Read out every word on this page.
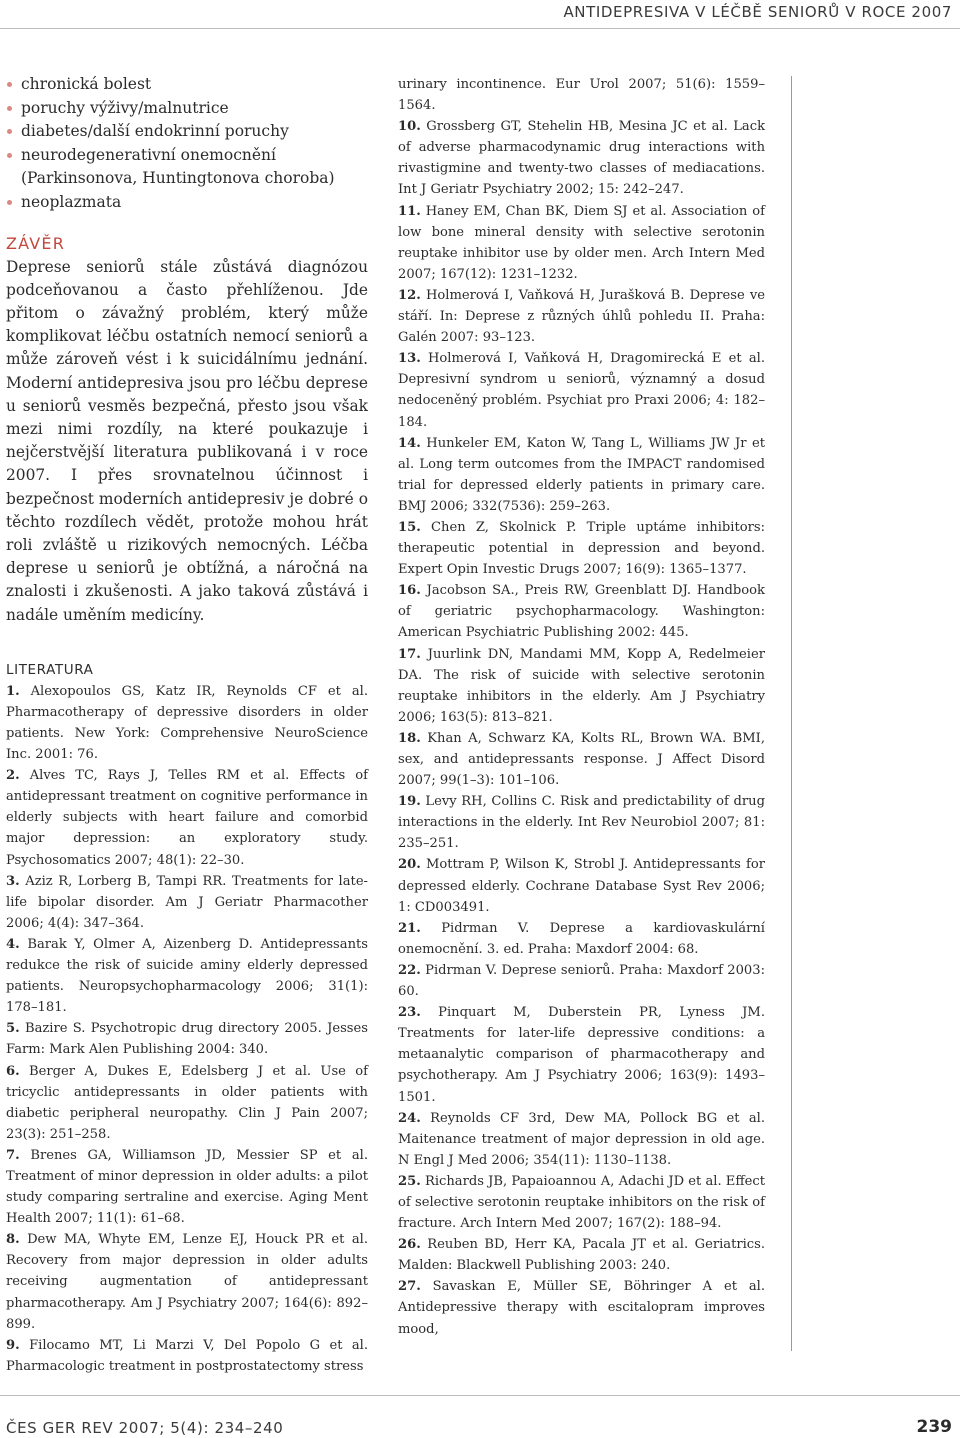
ANTIDEPRESIVA V LÉČBĚ SENIORŮ V ROCE 2007
chronická bolest
poruchy výživy/malnutrice
diabetes/další endokrinní poruchy
neurodegenerativní onemocnění (Parkinsonova, Huntingtonova choroba)
neoplazmata
ZÁVĚR

Deprese seniorů stále zůstává diagnózou podceňovanou a často přehlíženou. Jde přitom o závažný problém, který může komplikovat léčbu ostatních nemocí seniorů a může zároveň vést i k suicidálnímu jednání. Moderní antidepresiva jsou pro léčbu deprese u seniorů vesměs bezpečná, přesto jsou však mezi nimi rozdíly, na které poukazuje i nejčerstvější literatura publikovaná i v roce 2007. I přes srovnatelnou účinnost i bezpečnost moderních antidepresiv je dobré o těchto rozdílech vědět, protože mohou hrát roli zvláště u rizikových nemocných. Léčba deprese u seniorů je obtížná, a náročná na znalosti i zkušenosti. A jako taková zůstává i nadále uměním medicíny.

LITERATURA
1. Alexopoulos GS, Katz IR, Reynolds CF et al. Pharmacotherapy of depressive disorders in older patients. New York: Comprehensive NeuroScience Inc. 2001: 76.
2. Alves TC, Rays J, Telles RM et al. Effects of antidepressant treatment on cognitive performance in elderly subjects with heart failure and comorbid major depression: an exploratory study. Psychosomatics 2007; 48(1): 22–30.
3. Aziz R, Lorberg B, Tampi RR. Treatments for late-life bipolar disorder. Am J Geriatr Pharmacother 2006; 4(4): 347–364.
4. Barak Y, Olmer A, Aizenberg D. Antidepressants redukce the risk of suicide aminy elderly depressed patients. Neuropsychopharmacology 2006; 31(1): 178–181.
5. Bazire S. Psychotropic drug directory 2005. Jesses Farm: Mark Alen Publishing 2004: 340.
6. Berger A, Dukes E, Edelsberg J et al. Use of tricyclic antidepressants in older patients with diabetic peripheral neuropathy. Clin J Pain 2007; 23(3): 251–258.
7. Brenes GA, Williamson JD, Messier SP et al. Treatment of minor depression in older adults: a pilot study comparing sertraline and exercise. Aging Ment Health 2007; 11(1): 61–68.
8. Dew MA, Whyte EM, Lenze EJ, Houck PR et al. Recovery from major depression in older adults receiving augmentation of antidepressant pharmacotherapy. Am J Psychiatry 2007; 164(6): 892–899.
9. Filocamo MT, Li Marzi V, Del Popolo G et al. Pharmacologic treatment in postprostatectomy stress
urinary incontinence. Eur Urol 2007; 51(6): 1559–1564.
10. Grossberg GT, Stehelin HB, Mesina JC et al. Lack of adverse pharmacodynamic drug interactions with rivastigmine and twenty-two classes of mediacations. Int J Geriatr Psychiatry 2002; 15: 242–247.
11. Haney EM, Chan BK, Diem SJ et al. Association of low bone mineral density with selective serotonin reuptake inhibitor use by older men. Arch Intern Med 2007; 167(12): 1231–1232.
12. Holmerová I, Vaňková H, Jurašková B. Deprese ve stáří. In: Deprese z různých úhlů pohledu II. Praha: Galén 2007: 93–123.
13. Holmerová I, Vaňková H, Dragomirecká E et al. Depresivní syndrom u seniorů, významný a dosud nedoceněný problém. Psychiat pro Praxi 2006; 4: 182–184.
14. Hunkeler EM, Katon W, Tang L, Williams JW Jr et al. Long term outcomes from the IMPACT randomised trial for depressed elderly patients in primary care. BMJ 2006; 332(7536): 259–263.
15. Chen Z, Skolnick P. Triple uptáme inhibitors: therapeutic potential in depression and beyond. Expert Opin Investic Drugs 2007; 16(9): 1365–1377.
16. Jacobson SA., Preis RW, Greenblatt DJ. Handbook of geriatric psychopharmacology. Washington: American Psychiatric Publishing 2002: 445.
17. Juurlink DN, Mandami MM, Kopp A, Redelmeier DA. The risk of suicide with selective serotonin reuptake inhibitors in the elderly. Am J Psychiatry 2006; 163(5): 813–821.
18. Khan A, Schwarz KA, Kolts RL, Brown WA. BMI, sex, and antidepressants response. J Affect Disord 2007; 99(1–3): 101–106.
19. Levy RH, Collins C. Risk and predictability of drug interactions in the elderly. Int Rev Neurobiol 2007; 81: 235–251.
20. Mottram P, Wilson K, Strobl J. Antidepressants for depressed elderly. Cochrane Database Syst Rev 2006; 1: CD003491.
21. Pidrman V. Deprese a kardiovaskulární onemocnění. 3. ed. Praha: Maxdorf 2004: 68.
22. Pidrman V. Deprese seniorů. Praha: Maxdorf 2003: 60.
23. Pinquart M, Duberstein PR, Lyness JM. Treatments for later-life depressive conditions: a metaanalytic comparison of pharmacotherapy and psychotherapy. Am J Psychiatry 2006; 163(9): 1493–1501.
24. Reynolds CF 3rd, Dew MA, Pollock BG et al. Maitenance treatment of major depression in old age. N Engl J Med 2006; 354(11): 1130–1138.
25. Richards JB, Papaioannou A, Adachi JD et al. Effect of selective serotonin reuptake inhibitors on the risk of fracture. Arch Intern Med 2007; 167(2): 188–94.
26. Reuben BD, Herr KA, Pacala JT et al. Geriatrics. Malden: Blackwell Publishing 2003: 240.
27. Savaskan E, Müller SE, Böhringer A et al. Antidepressive therapy with escitalopram improves mood,
ČES GER REV 2007; 5(4): 234–240	239
